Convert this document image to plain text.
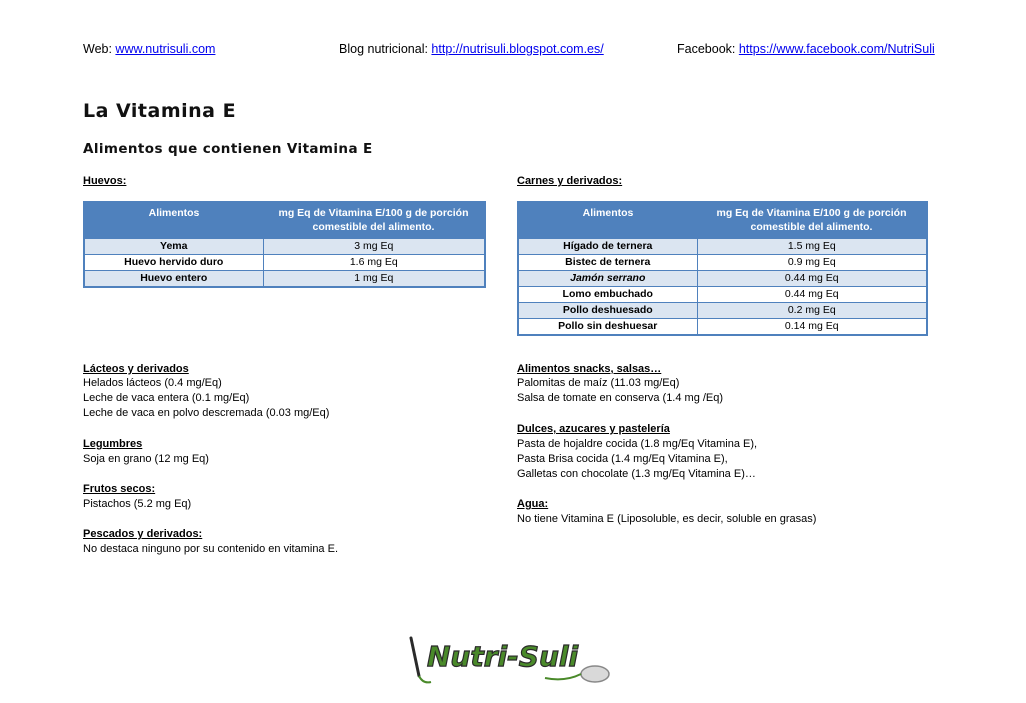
Web: www.nutrisuli.com	Blog nutricional: http://nutrisuli.blogspot.com.es/	Facebook: https://www.facebook.com/NutriSuli
La Vitamina E
Alimentos que contienen Vitamina E
Huevos:
Alimentos	mg Eq de Vitamina E/100 g de porción comestible del alimento.
Yema	3 mg Eq
Huevo hervido duro	1.6 mg Eq
Huevo entero	1 mg Eq
Carnes y derivados:
Alimentos	mg Eq de Vitamina E/100 g de porción comestible del alimento.
Hígado de ternera	1.5 mg Eq
Bistec de ternera	0.9 mg Eq
Jamón serrano	0.44 mg Eq
Lomo embuchado	0.44 mg Eq
Pollo deshuesado	0.2 mg Eq
Pollo sin deshuesar	0.14 mg Eq
Lácteos y derivados
Helados lácteos (0.4 mg/Eq)
Leche de vaca entera (0.1 mg/Eq)
Leche de vaca en polvo descremada (0.03 mg/Eq)
Legumbres
Soja en grano (12 mg Eq)
Frutos secos:
Pistachos (5.2 mg Eq)
Pescados y derivados:
No destaca ninguno por su contenido en vitamina E.
Alimentos snacks, salsas…
Palomitas de maíz (11.03 mg/Eq)
Salsa de tomate en conserva (1.4 mg /Eq)
Dulces, azucares y pastelería
Pasta de hojaldre cocida (1.8 mg/Eq Vitamina E),
Pasta Brisa cocida (1.4 mg/Eq Vitamina E),
Galletas con chocolate (1.3 mg/Eq Vitamina E)…
Agua:
No tiene Vitamina E (Liposoluble, es decir, soluble en grasas)
Nutri-Suli
